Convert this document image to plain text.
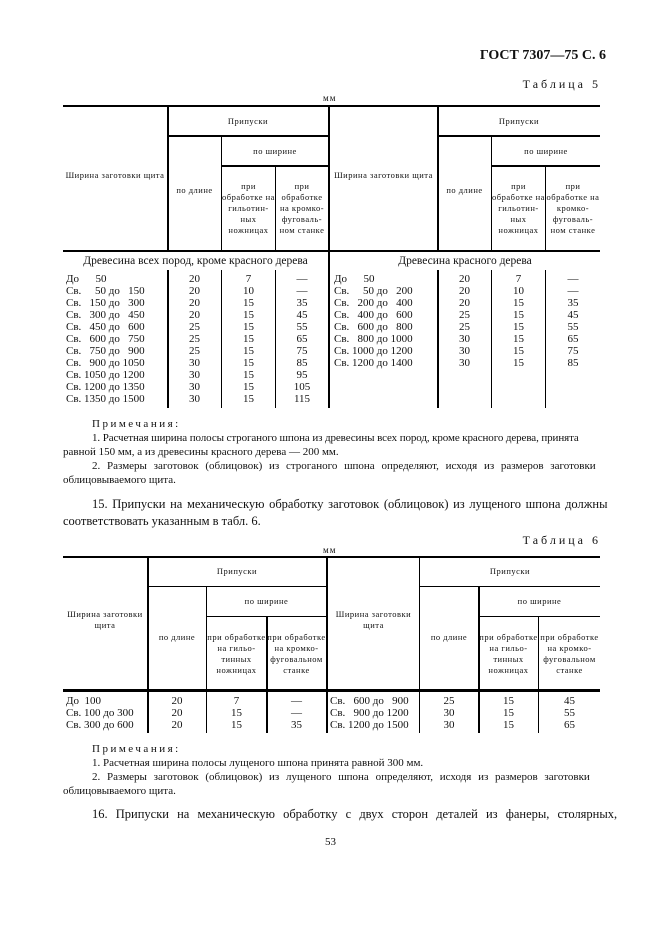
ГОСТ 7307—75 С. 6
Таблица 5
мм
Ширина заготовки щита
Припуски
по длине
по ширине
при обработке на гильотин-ных ножницах
при обработке на кромко-фуговаль-ном станке
Ширина заготовки щита
Припуски
по длине
по ширине
при обработке на гильотин-ных ножницах
при обработке на кромко-фуговаль-ном станке
Древесина всех пород, кроме красного дерева	Древесина красного дерева
До      50
Св.     50 до   150
Св.   150 до   300
Св.   300 до   450
Св.   450 до   600
Св.   600 до   750
Св.   750 до   900
Св.   900 до 1050
Св. 1050 до 1200
Св. 1200 до 1350
Св. 1350 до 1500
20
20
20
20
25
25
25
30
30
30
30
7
10
15
15
15
15
15
15
15
15
15
—
—
35
45
55
65
75
85
95
105
115
До      50
Св.     50 до   200
Св.   200 до   400
Св.   400 до   600
Св.   600 до   800
Св.   800 до 1000
Св. 1000 до 1200
Св. 1200 до 1400
20
20
20
25
25
30
30
30
7
10
15
15
15
15
15
15
—
—
35
45
55
65
75
85
Примечания:
1. Расчетная ширина полосы строганого шпона из древесины всех пород, кроме красного дерева, принята
равной 150 мм, а из древесины красного дерева — 200 мм.
2. Размеры заготовок (облицовок) из строганого шпона определяют, исходя из размеров заготовки
облицовываемого щита.
15. Припуски на механическую обработку заготовок (облицовок) из лущеного шпона должны
соответствовать указанным в табл. 6.
Таблица 6
мм
Ширина заготовки щита
Припуски
по длине
по ширине
при обработке на гильо-тинных ножницах
при обработке на кромко-фуговальном станке
Ширина заготовки щита
Припуски
по длине
по ширине
при обработке на гильо-тинных ножницах
при обработке на кромко-фуговальном станке
До  100
Св. 100 до 300
Св. 300 до 600
20
20
20
7
15
15
—
—
35
Св.   600 до   900
Св.   900 до 1200
Св. 1200 до 1500
25
30
30
15
15
15
45
55
65
Примечания:
1. Расчетная ширина полосы лущеного шпона принята равной 300 мм.
2. Размеры заготовок (облицовок) из лущеного шпона определяют, исходя из размеров заготовки
облицовываемого щита.
16. Припуски на механическую обработку с двух сторон деталей из фанеры, столярных,
53
